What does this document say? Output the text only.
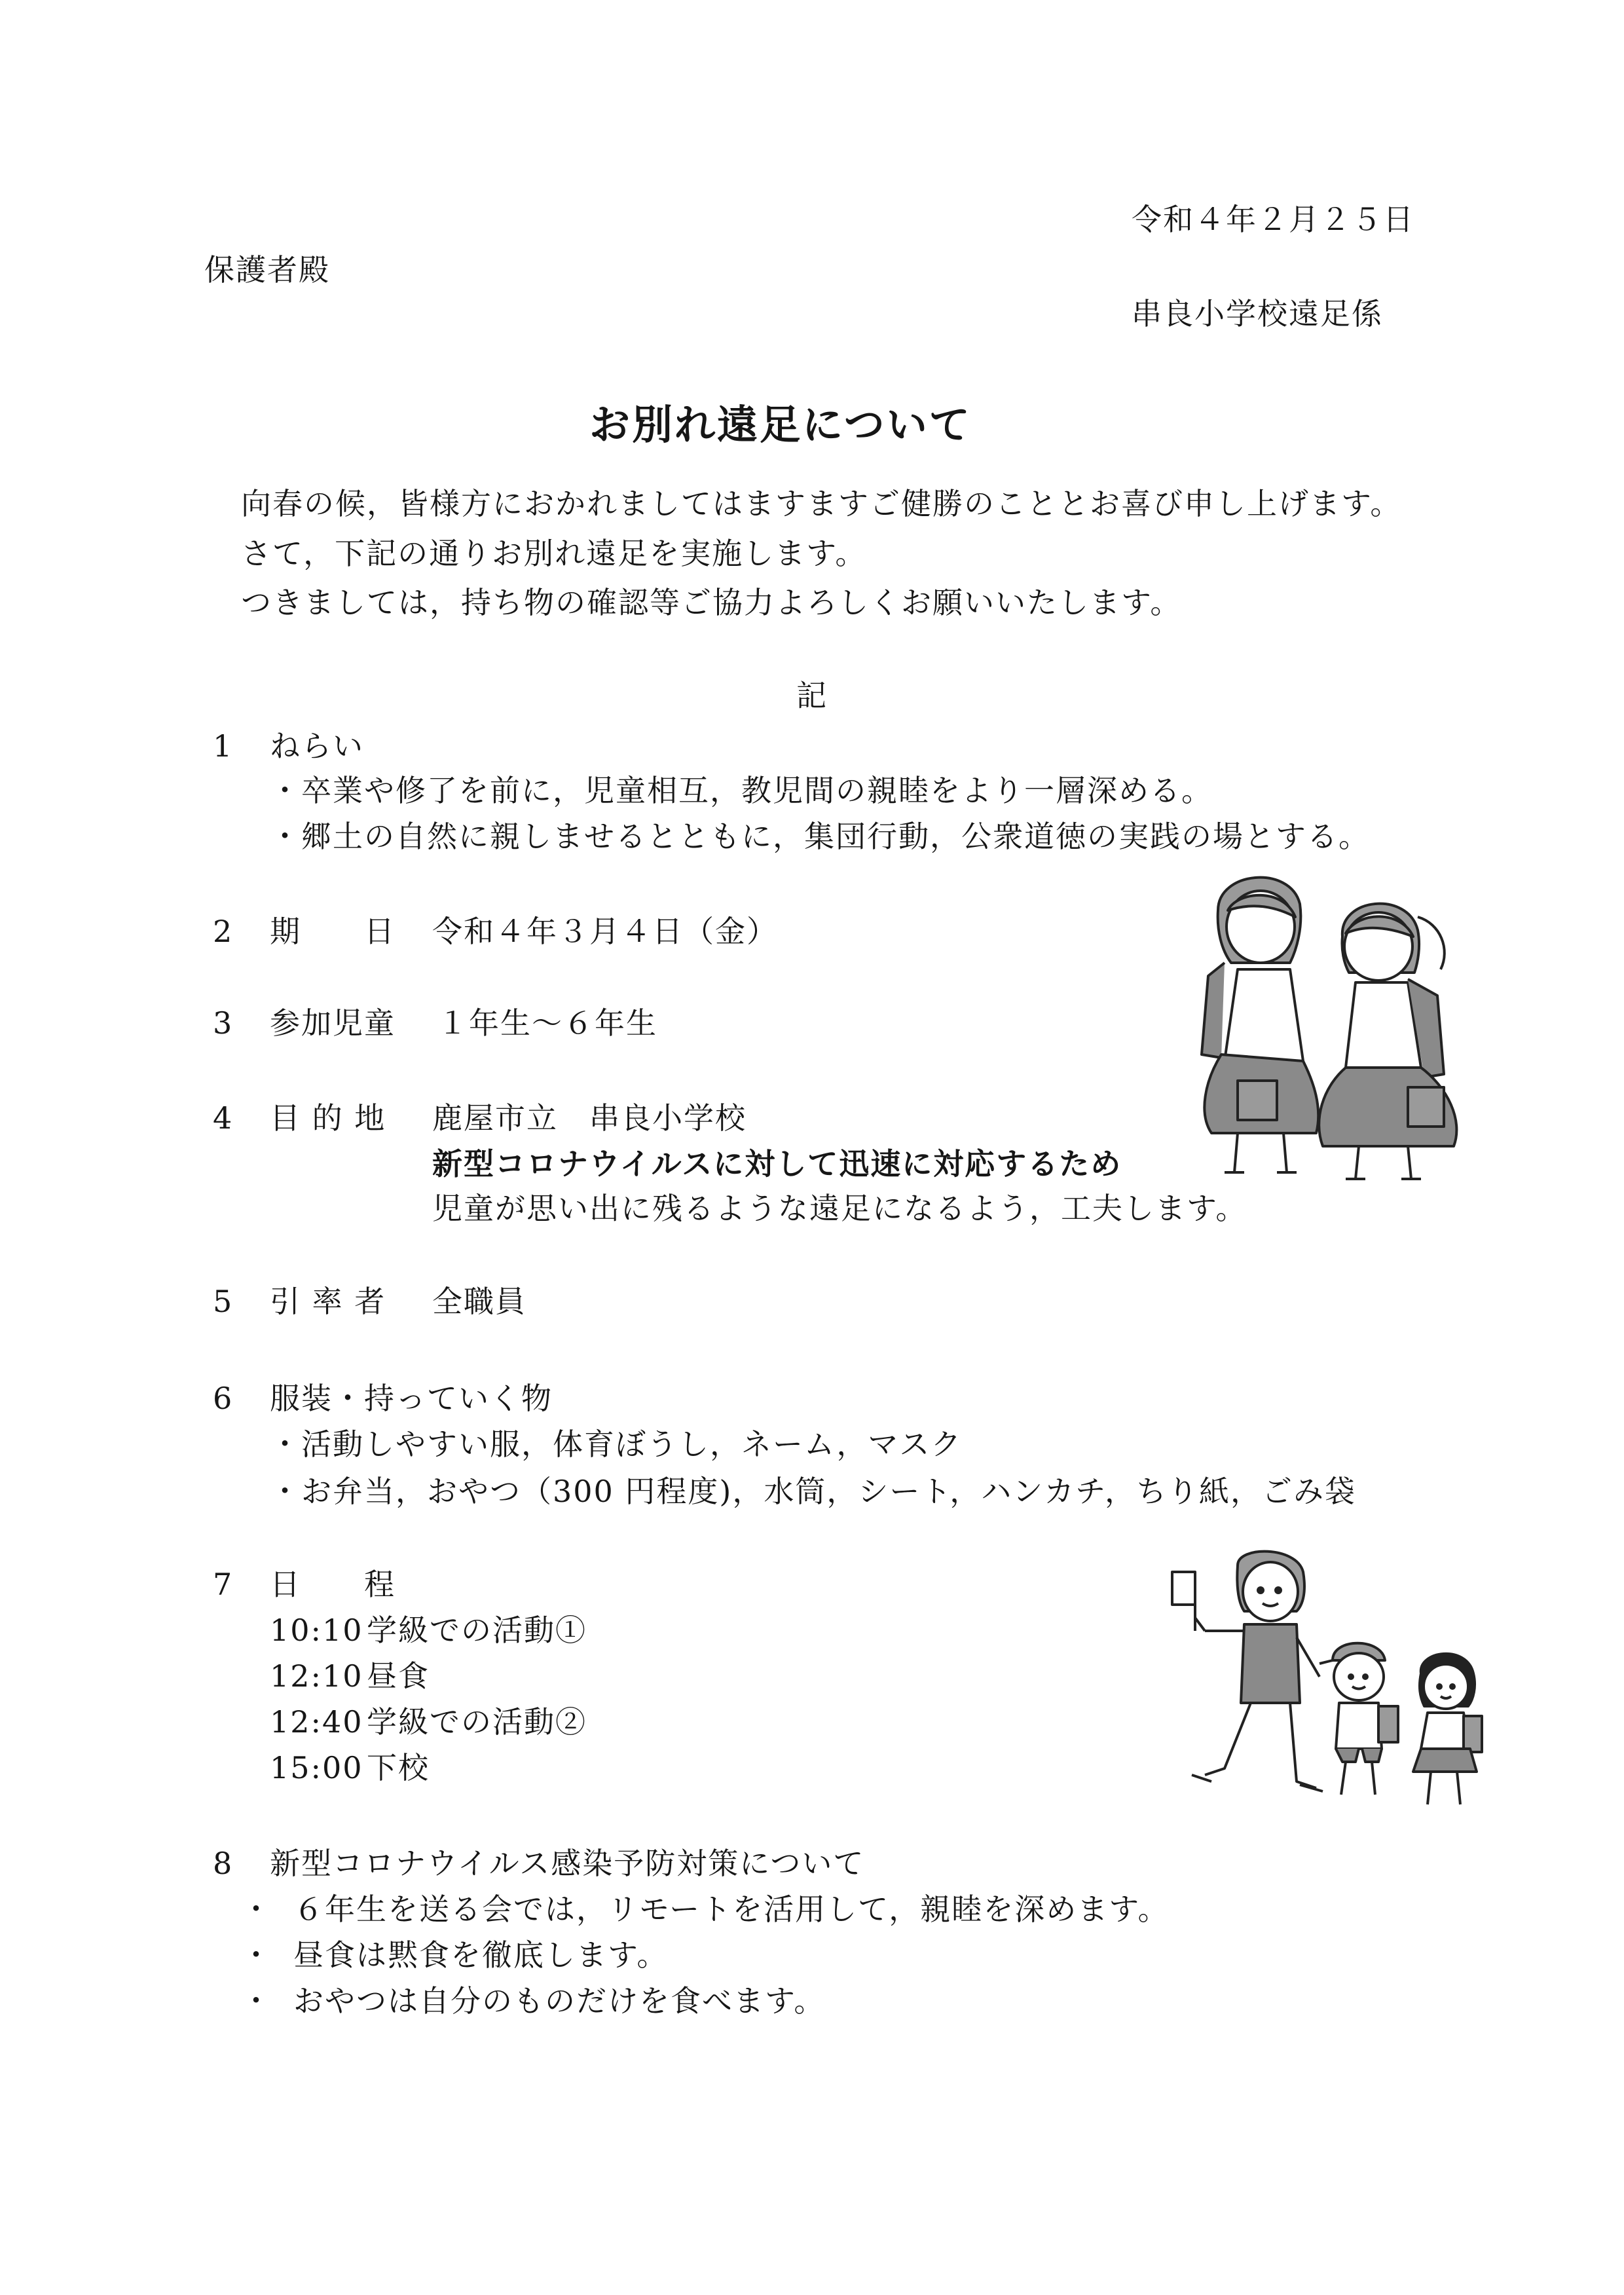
令和４年２月２５日
保護者殿
串良小学校遠足係
お別れ遠足について
向春の候，皆様方におかれましてはますますご健勝のこととお喜び申し上げます。
さて，下記の通りお別れ遠足を実施します。
つきましては，持ち物の確認等ご協力よろしくお願いいたします。
記
1 ねらい
・卒業や修了を前に，児童相互，教児間の親睦をより一層深める。
・郷土の自然に親しませるとともに，集団行動，公衆道徳の実践の場とする。
2 期　　日 令和４年３月４日（金）
3 参加児童 １年生～６年生
4 目 的 地 鹿屋市立　串良小学校
新型コロナウイルスに対して迅速に対応するため
児童が思い出に残るような遠足になるよう，工夫します。
5 引 率 者 全職員
6 服装・持っていく物
・活動しやすい服，体育ぼうし，ネーム，マスク
・お弁当，おやつ（300 円程度)，水筒，シート，ハンカチ，ちり紙，ごみ袋
7 日　　程
10:10 学級での活動①
12:10 昼食
12:40 学級での活動②
15:00 下校
8 新型コロナウイルス感染予防対策について
・ ６年生を送る会では，リモートを活用して，親睦を深めます。
・ 昼食は黙食を徹底します。
・ おやつは自分のものだけを食べます。
